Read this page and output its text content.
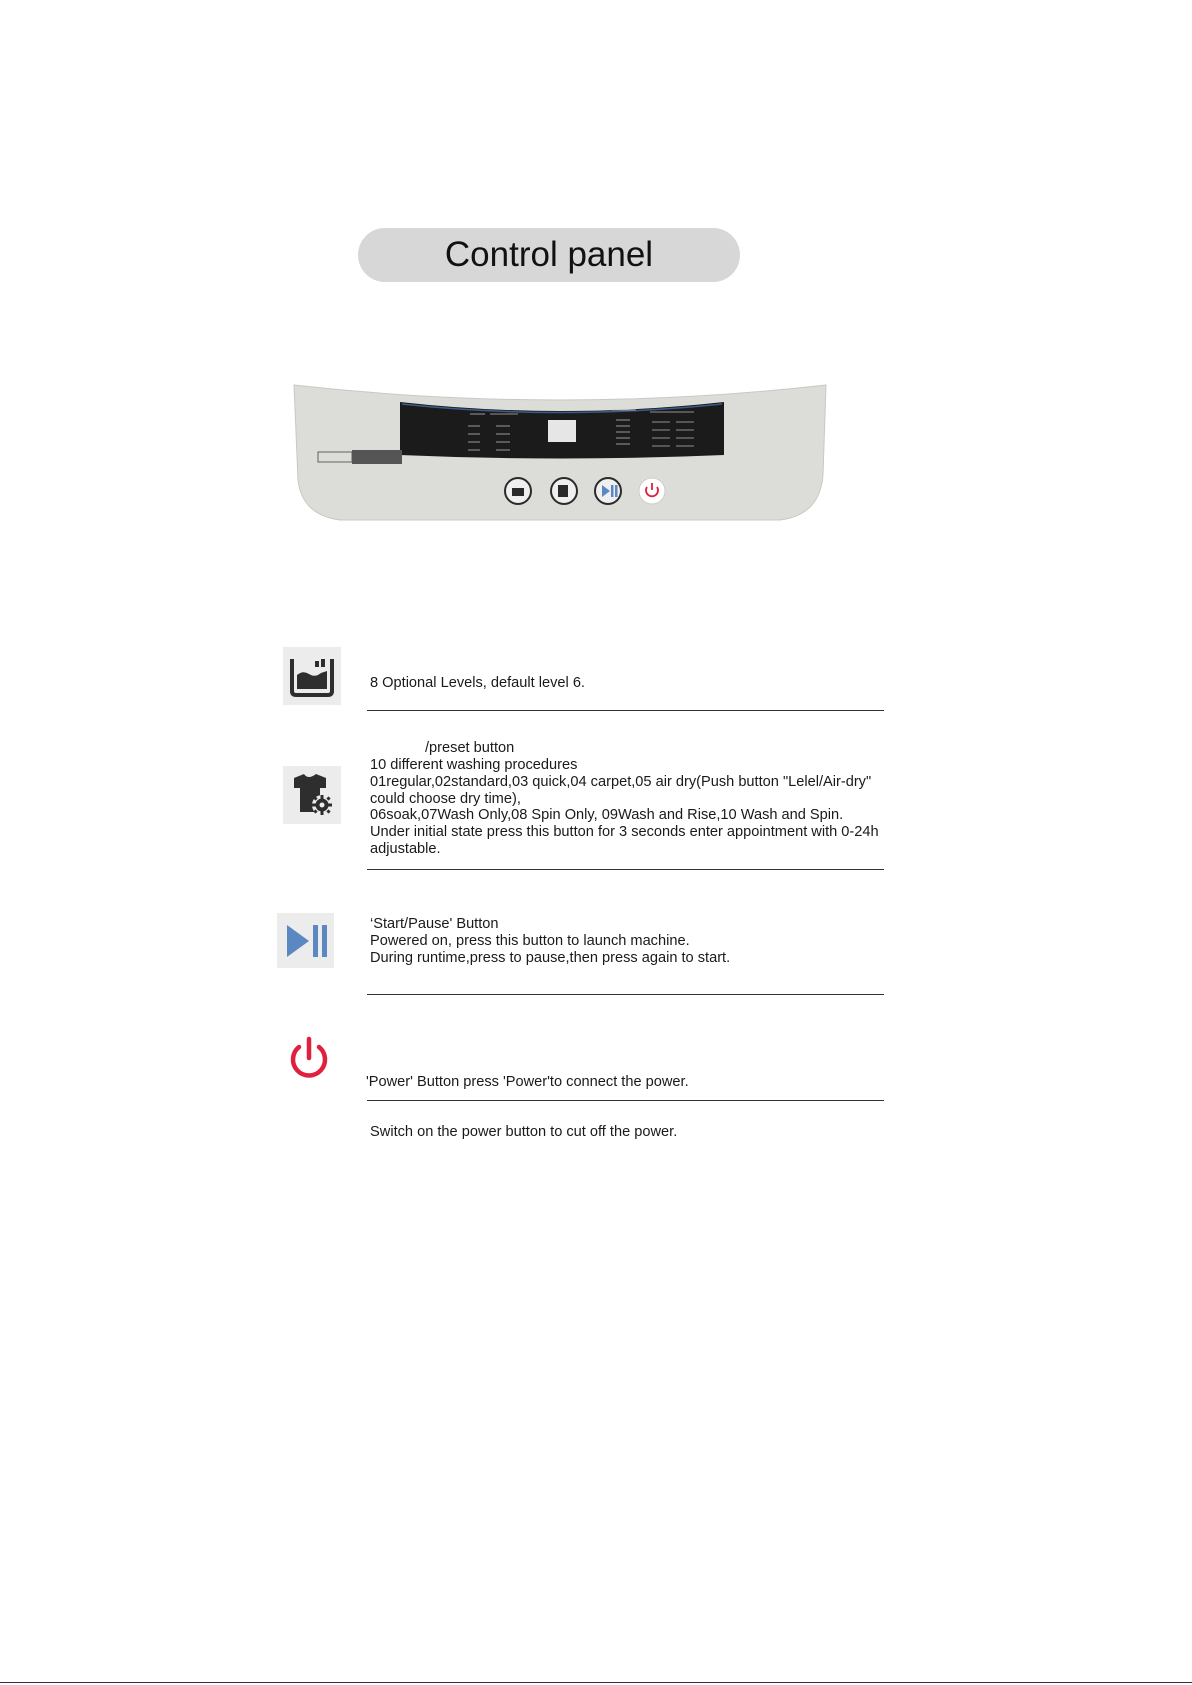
Control panel
8 Optional Levels, default level 6.
/preset button
10 different washing procedures
01regular,02standard,03 quick,04 carpet,05 air dry(Push button "Lelel/Air-dry"
could choose dry time),
06soak,07Wash Only,08 Spin Only, 09Wash and Rise,10 Wash and Spin.
Under initial state press this button for 3 seconds enter appointment with 0-24h
adjustable.
‘Start/Pause' Button
Powered on, press this button to launch machine.
During runtime,press to pause,then press again to start.

'Power' Button press 'Power'to connect the power.

Switch on the power button to cut off the power.
